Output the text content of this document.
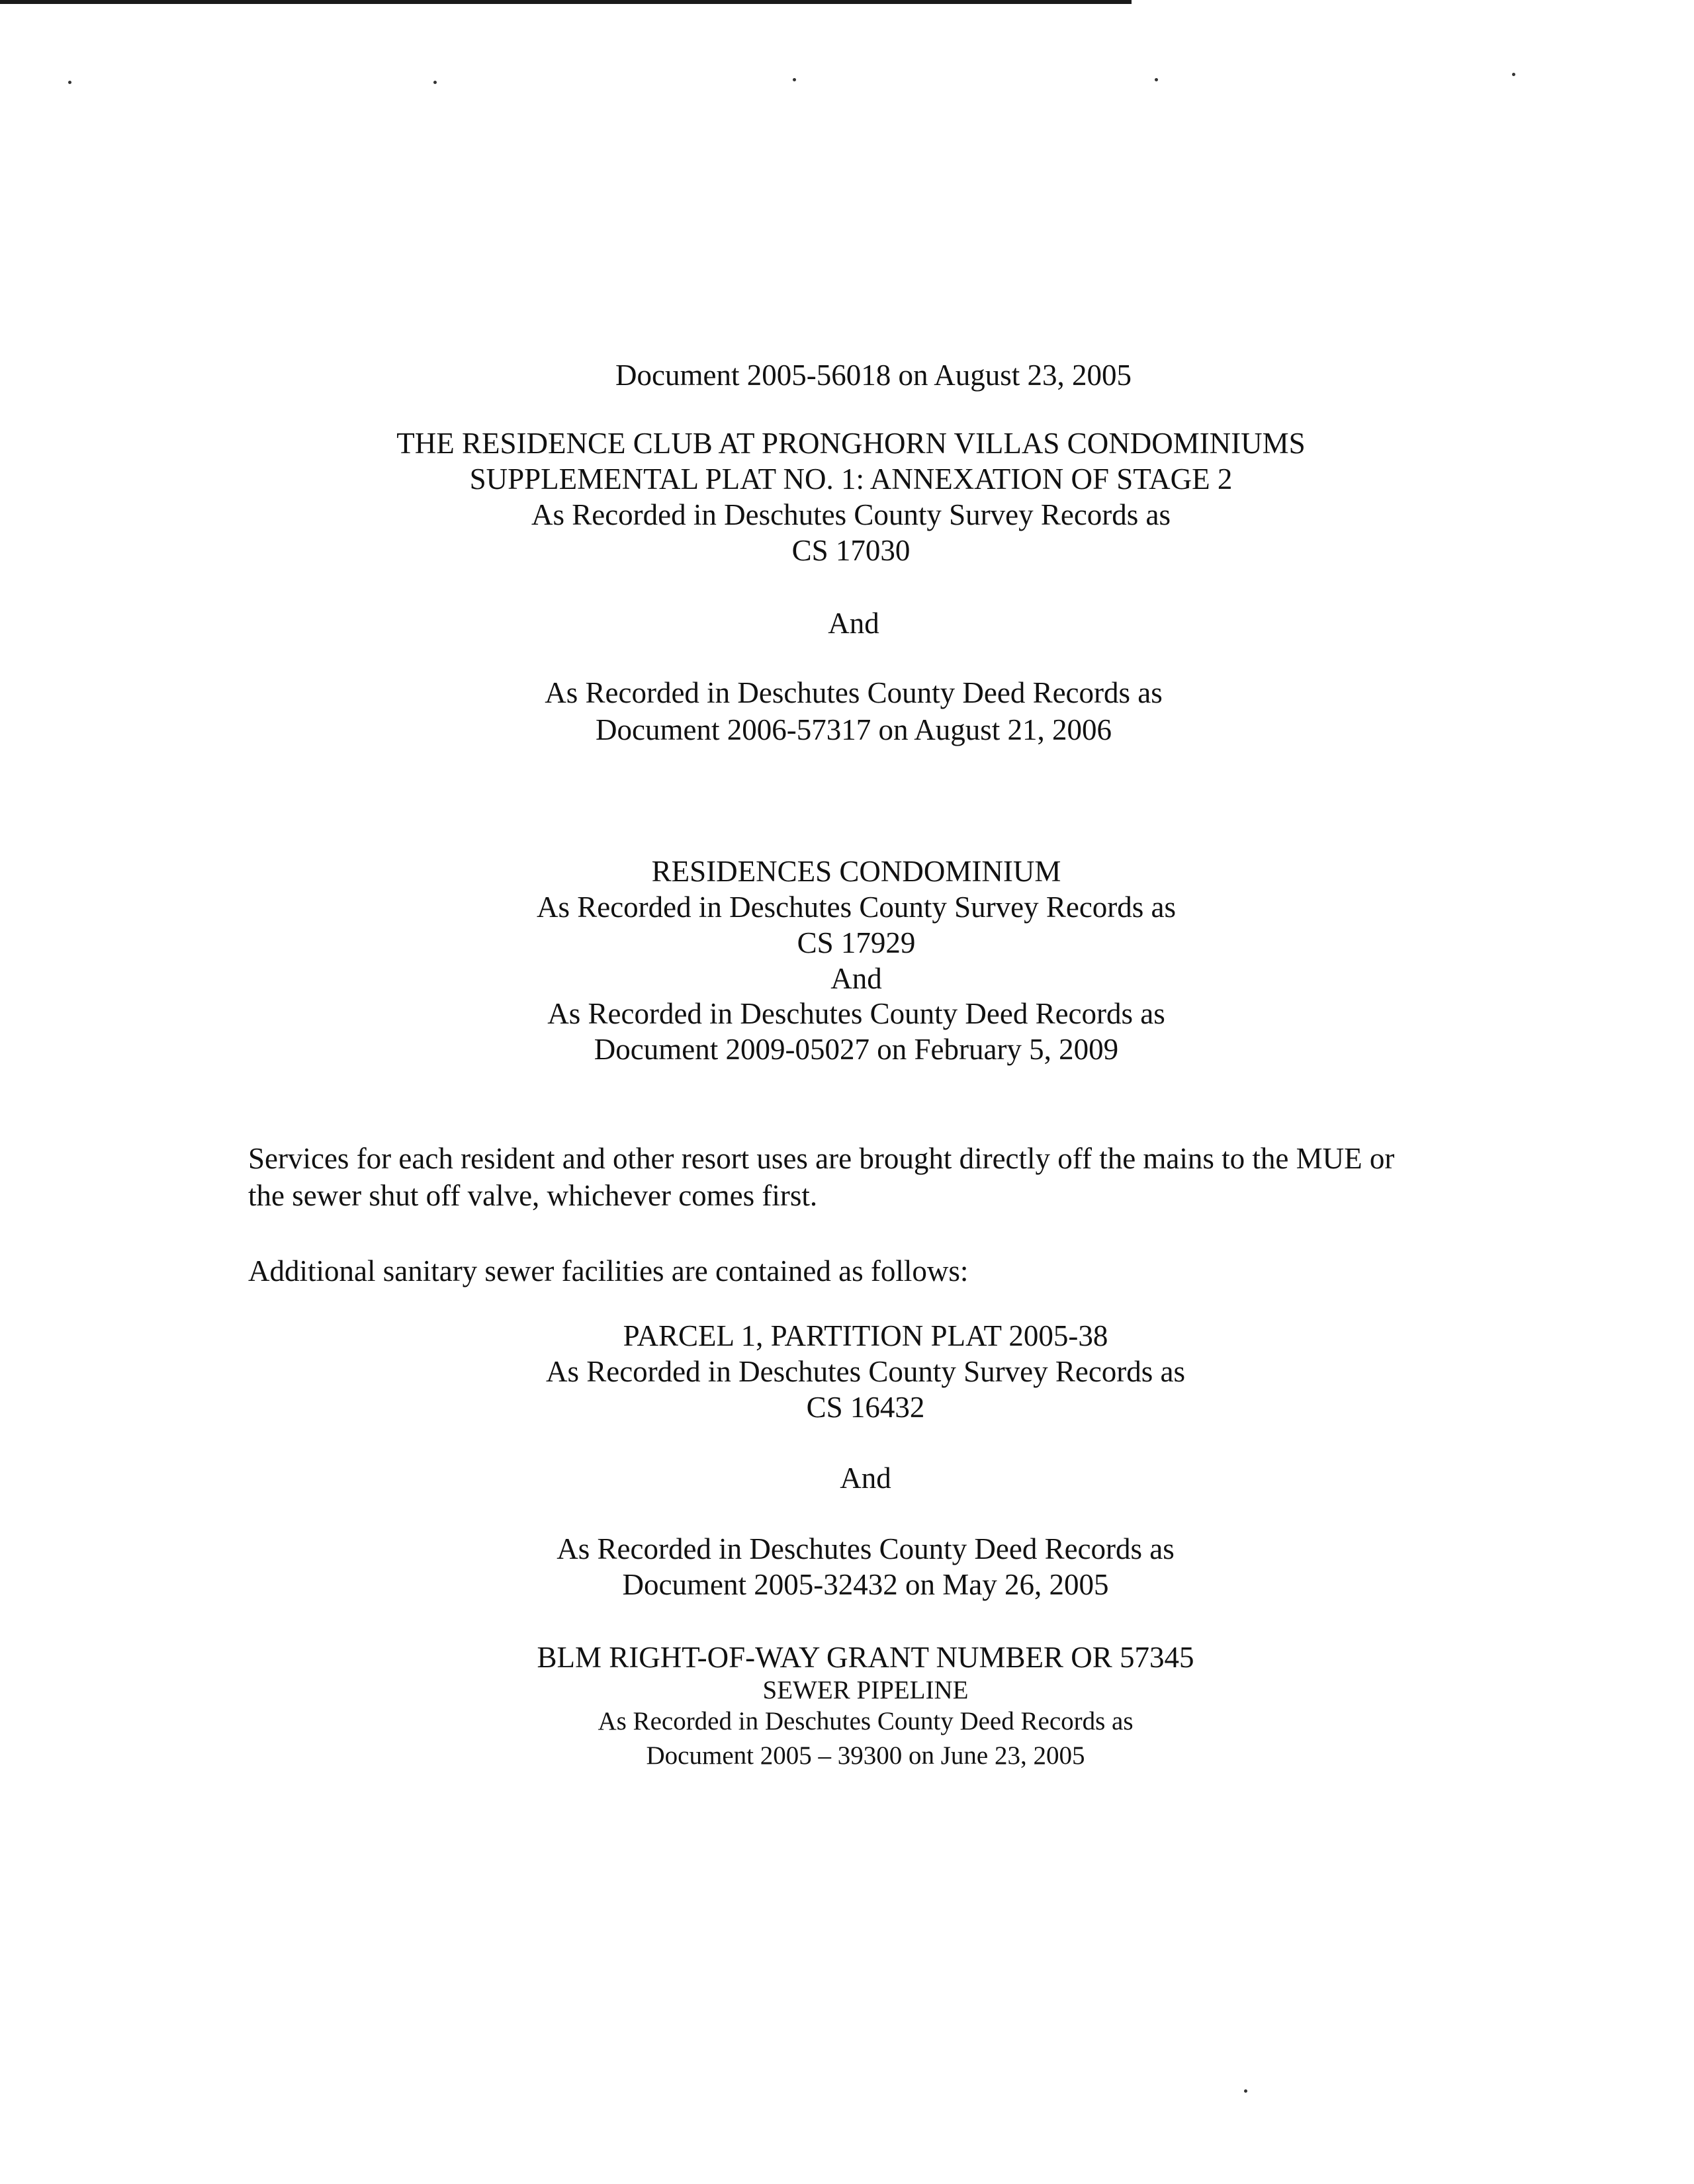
Document 2005-56018 on August 23, 2005
THE RESIDENCE CLUB AT PRONGHORN VILLAS CONDOMINIUMS
SUPPLEMENTAL PLAT NO. 1: ANNEXATION OF STAGE 2
As Recorded in Deschutes County Survey Records as
CS 17030
And
As Recorded in Deschutes County Deed Records as
Document 2006-57317 on August 21, 2006
RESIDENCES CONDOMINIUM
As Recorded in Deschutes County Survey Records as
CS 17929
And
As Recorded in Deschutes County Deed Records as
Document 2009-05027 on February 5, 2009
Services for each resident and other resort uses are brought directly off the mains to the MUE or
the sewer shut off valve, whichever comes first.
Additional sanitary sewer facilities are contained as follows:
PARCEL 1, PARTITION PLAT 2005-38
As Recorded in Deschutes County Survey Records as
CS 16432
And
As Recorded in Deschutes County Deed Records as
Document 2005-32432 on May 26, 2005
BLM RIGHT-OF-WAY GRANT NUMBER OR 57345
SEWER PIPELINE
As Recorded in Deschutes County Deed Records as
Document 2005 – 39300 on June 23, 2005
